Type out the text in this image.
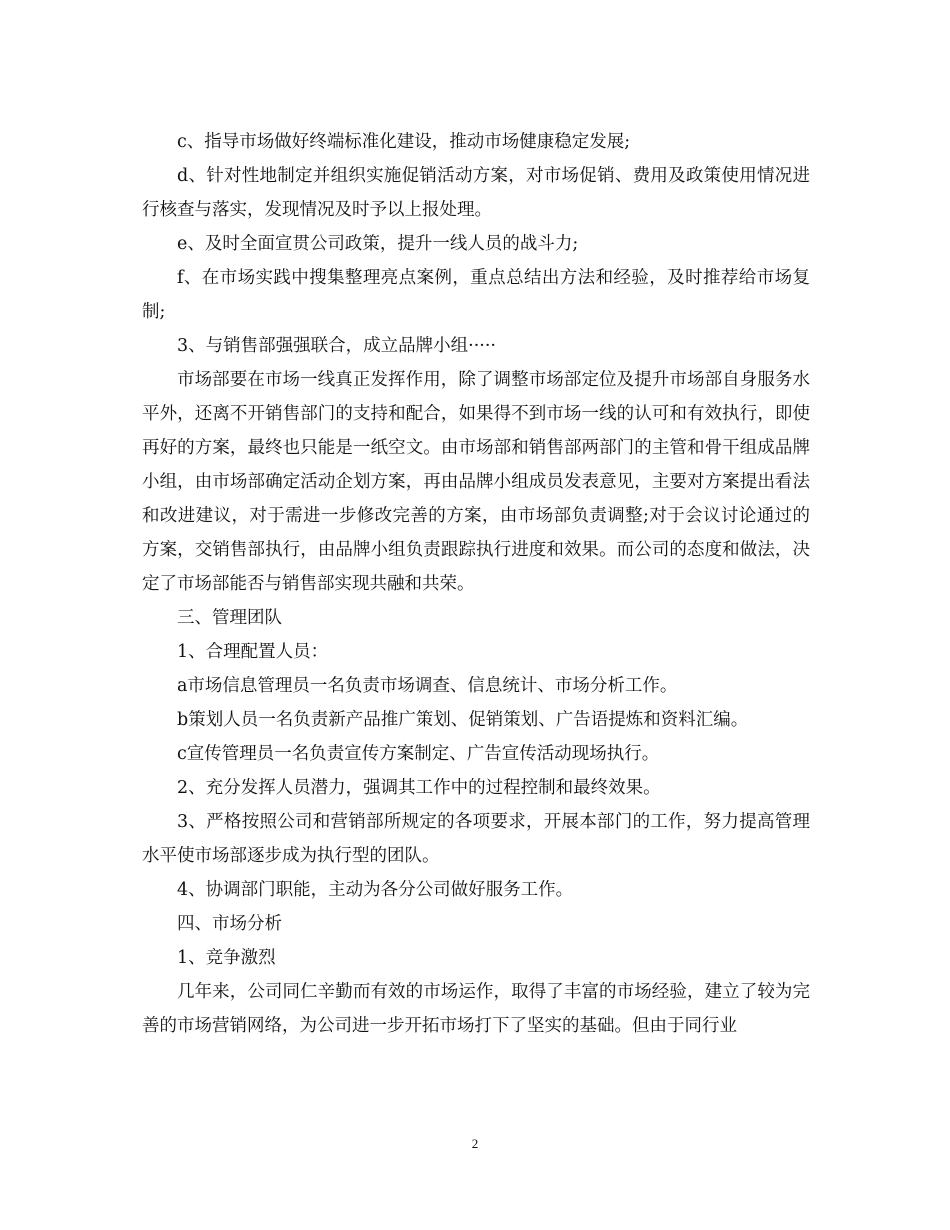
c、指导市场做好终端标准化建设，推动市场健康稳定发展;

d、针对性地制定并组织实施促销活动方案，对市场促销、费用及政策使用情况进行核查与落实，发现情况及时予以上报处理。

e、及时全面宣贯公司政策，提升一线人员的战斗力;

f、在市场实践中搜集整理亮点案例，重点总结出方法和经验，及时推荐给市场复制;

3、与销售部强强联合，成立品牌小组·····

市场部要在市场一线真正发挥作用，除了调整市场部定位及提升市场部自身服务水平外，还离不开销售部门的支持和配合，如果得不到市场一线的认可和有效执行，即使再好的方案，最终也只能是一纸空文。由市场部和销售部两部门的主管和骨干组成品牌小组，由市场部确定活动企划方案，再由品牌小组成员发表意见，主要对方案提出看法和改进建议，对于需进一步修改完善的方案，由市场部负责调整;对于会议讨论通过的方案，交销售部执行，由品牌小组负责跟踪执行进度和效果。而公司的态度和做法，决定了市场部能否与销售部实现共融和共荣。

三、管理团队

1、合理配置人员：

a市场信息管理员一名负责市场调查、信息统计、市场分析工作。

b策划人员一名负责新产品推广策划、促销策划、广告语提炼和资料汇编。

c宣传管理员一名负责宣传方案制定、广告宣传活动现场执行。

2、充分发挥人员潜力，强调其工作中的过程控制和最终效果。

3、严格按照公司和营销部所规定的各项要求，开展本部门的工作，努力提高管理水平使市场部逐步成为执行型的团队。

4、协调部门职能，主动为各分公司做好服务工作。

四、市场分析

1、竞争激烈

几年来，公司同仁辛勤而有效的市场运作，取得了丰富的市场经验，建立了较为完善的市场营销网络，为公司进一步开拓市场打下了坚实的基础。但由于同行业

2
